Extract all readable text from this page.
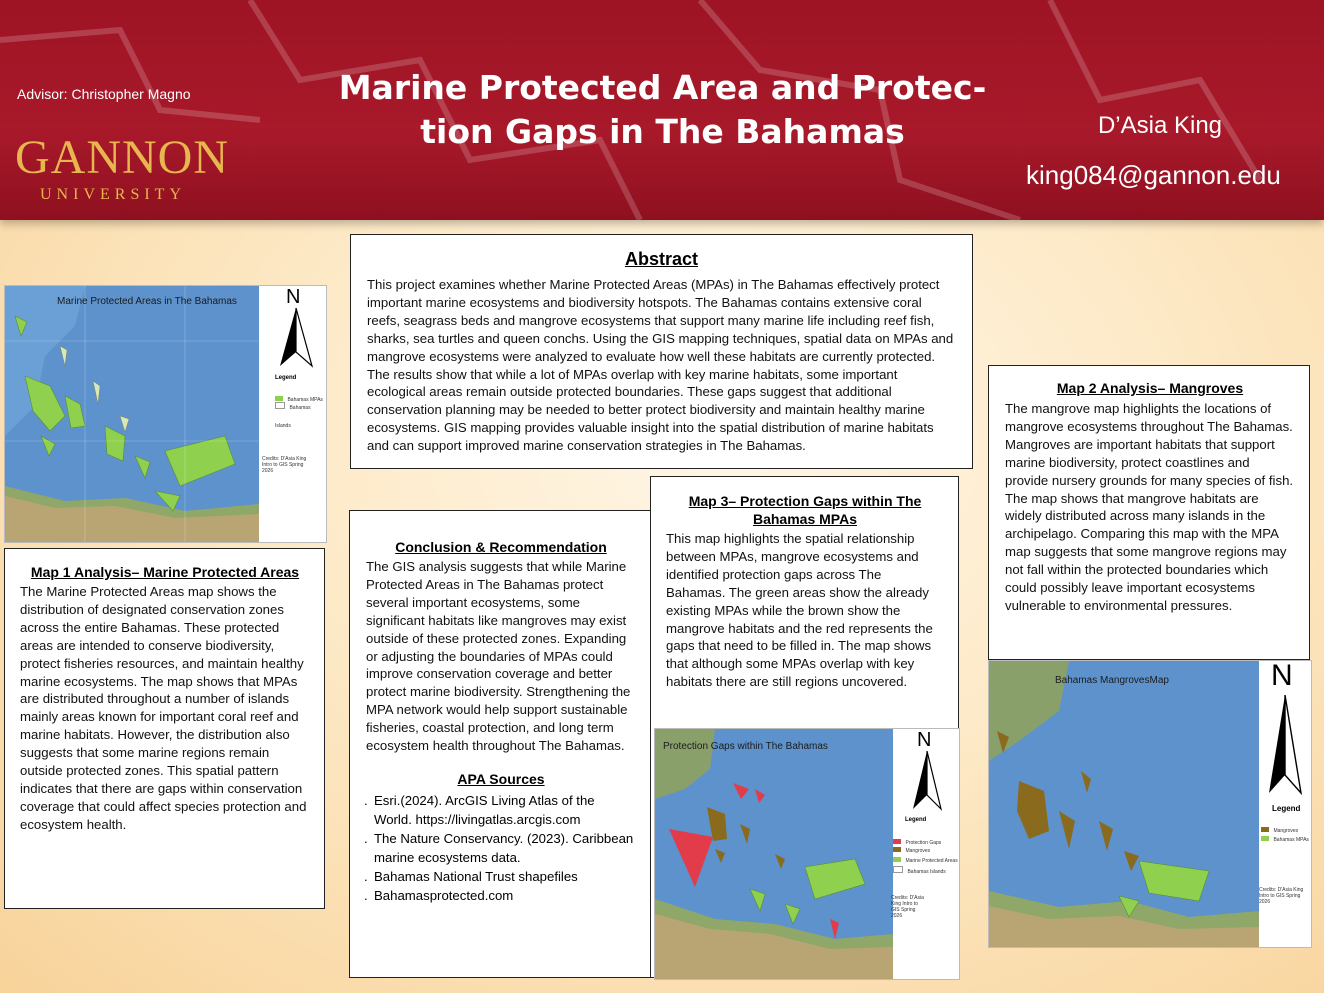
Advisor: Christopher Magno
GANNON
UNIVERSITY
Marine Protected Area and Protec-
tion Gaps in The Bahamas	D’Asia King
king084@gannon.edu
Abstract

This project examines whether Marine Protected Areas (MPAs) in The Bahamas effectively protect important marine ecosystems and biodiversity hotspots. The Bahamas contains extensive coral reefs, seagrass beds and mangrove ecosystems that support many marine life including reef fish, sharks, sea turtles and queen conchs. Using the GIS mapping techniques, spatial data on MPAs and mangrove ecosystems were analyzed to evaluate how well these habitats are currently protected. The results show that while a lot of MPAs overlap with key marine habitats, some important ecological areas remain outside protected boundaries. These gaps suggest that additional conservation planning may be needed to better protect biodiversity and maintain healthy marine ecosystems. GIS mapping provides valuable insight into the spatial distribution of marine habitats and can support improved marine conservation strategies in The Bahamas.

Marine Protected Areas in The Bahamas N
Legend
Bahamas MPAs
Bahamas Islands
Credits: D'Asia King Intro to GIS Spring 2026
Map 1 Analysis– Marine Protected Areas

The Marine Protected Areas map shows the distribution of designated conservation zones across the entire Bahamas. These protected areas are intended to conserve biodiversity, protect fisheries resources, and maintain healthy marine ecosystems. The map shows that MPAs are distributed throughout a number of islands mainly areas known for important coral reef and marine habitats. However, the distribution also suggests that some marine regions remain outside protected zones. This spatial pattern indicates that there are gaps within conservation coverage that could affect species protection and ecosystem health.

Conclusion & Recommendation

The GIS analysis suggests that while Marine Protected Areas in The Bahamas protect several important ecosystems, some significant habitats like mangroves may exist outside of these protected zones. Expanding or adjusting the boundaries of MPAs could improve conservation coverage and better protect marine biodiversity. Strengthening the MPA network would help support sustainable fisheries, coastal protection, and long term ecosystem health throughout The Bahamas.

APA Sources
. Esri.(2024). ArcGIS Living Atlas of the World. https://livingatlas.arcgis.com
. The Nature Conservancy. (2023). Caribbean marine ecosystems data.
. Bahamas National Trust shapefiles
. Bahamasprotected.com
Map 3– Protection Gaps within The Bahamas MPAs

This map highlights the spatial relationship between MPAs, mangrove ecosystems and identified protection gaps across The Bahamas. The green areas show the already existing MPAs while the brown show the mangrove habitats and the red represents the gaps that need to be filled in. The map shows that although some MPAs overlap with key habitats there are still regions uncovered.

Protection Gaps within The Bahamas	N
Legend
Protection Gaps
Mangroves
Marine Protected Areas
Bahamas Islands
Credits: D'Asia King Intro to GIS Spring 2026
Map 2 Analysis– Mangroves

The mangrove map highlights the locations of mangrove ecosystems throughout The Bahamas. Mangroves are important habitats that support marine biodiversity, protect coastlines and provide nursery grounds for many species of fish. The map shows that mangrove habitats are widely distributed across many islands in the archipelago. Comparing this map with the MPA map suggests that some mangrove regions may not fall within the protected boundaries which could possibly leave important ecosystems vulnerable to environmental pressures.

Bahamas MangrovesMap	N
Legend
Mangroves
Bahamas MPAs
Credits: D'Asia King Intro to GIS Spring 2026
